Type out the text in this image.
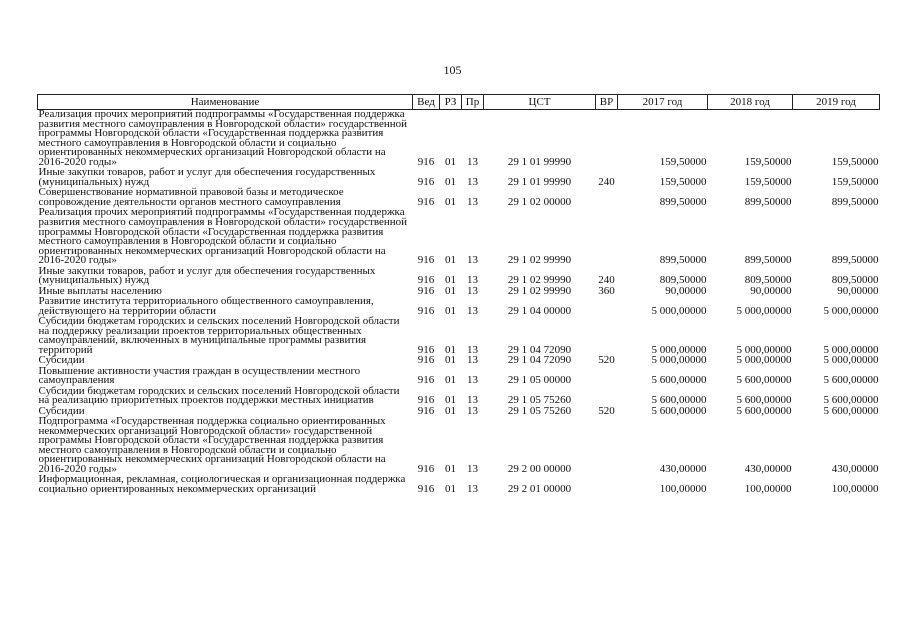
105
Наименование	Вед	РЗ	Пр	ЦСТ	ВР	2017 год	2018 год	2019 год
Реализация прочих мероприятий подпрограммы «Государственная поддержка развития местного самоуправления в Новгородской области» государственной программы Новгородской области «Государственная поддержка развития местного самоуправления в Новгородской области и социально ориентированных некоммерческих организаций Новгородской области на 2016-2020 годы»	916	01	13	29 1 01 99990		159,50000	159,50000	159,50000
Иные закупки товаров, работ и услуг для обеспечения государственных (муниципальных) нужд	916	01	13	29 1 01 99990	240	159,50000	159,50000	159,50000
Совершенствование нормативной правовой базы и методическое сопровождение деятельности органов местного самоуправления	916	01	13	29 1 02 00000		899,50000	899,50000	899,50000
Реализация прочих мероприятий подпрограммы «Государственная поддержка развития местного самоуправления в Новгородской области» государственной программы Новгородской области «Государственная поддержка развития местного самоуправления в Новгородской области и социально ориентированных некоммерческих организаций Новгородской области на 2016-2020 годы»	916	01	13	29 1 02 99990		899,50000	899,50000	899,50000
Иные закупки товаров, работ и услуг для обеспечения государственных (муниципальных) нужд	916	01	13	29 1 02 99990	240	809,50000	809,50000	809,50000
Иные выплаты населению	916	01	13	29 1 02 99990	360	90,00000	90,00000	90,00000
Развитие института территориального общественного самоуправления, действующего на территории области	916	01	13	29 1 04 00000		5 000,00000	5 000,00000	5 000,00000
Субсидии бюджетам городских и сельских поселений Новгородской области на поддержку реализации проектов территориальных общественных самоуправлений, включенных в муниципальные программы развития территорий	916	01	13	29 1 04 72090		5 000,00000	5 000,00000	5 000,00000
Субсидии	916	01	13	29 1 04 72090	520	5 000,00000	5 000,00000	5 000,00000
Повышение активности участия граждан в осуществлении местного самоуправления	916	01	13	29 1 05 00000		5 600,00000	5 600,00000	5 600,00000
Субсидии бюджетам городских и сельских поселений Новгородской области на реализацию приоритетных проектов поддержки местных инициатив	916	01	13	29 1 05 75260		5 600,00000	5 600,00000	5 600,00000
Субсидии	916	01	13	29 1 05 75260	520	5 600,00000	5 600,00000	5 600,00000
Подпрограмма «Государственная поддержка социально ориентированных некоммерческих организаций Новгородской области» государственной программы Новгородской области «Государственная поддержка развития местного самоуправления в Новгородской области и социально ориентированных некоммерческих организаций Новгородской области на 2016-2020 годы»	916	01	13	29 2 00 00000		430,00000	430,00000	430,00000
Информационная, рекламная, социологическая и организационная поддержка социально ориентированных некоммерческих организаций	916	01	13	29 2 01 00000		100,00000	100,00000	100,00000
